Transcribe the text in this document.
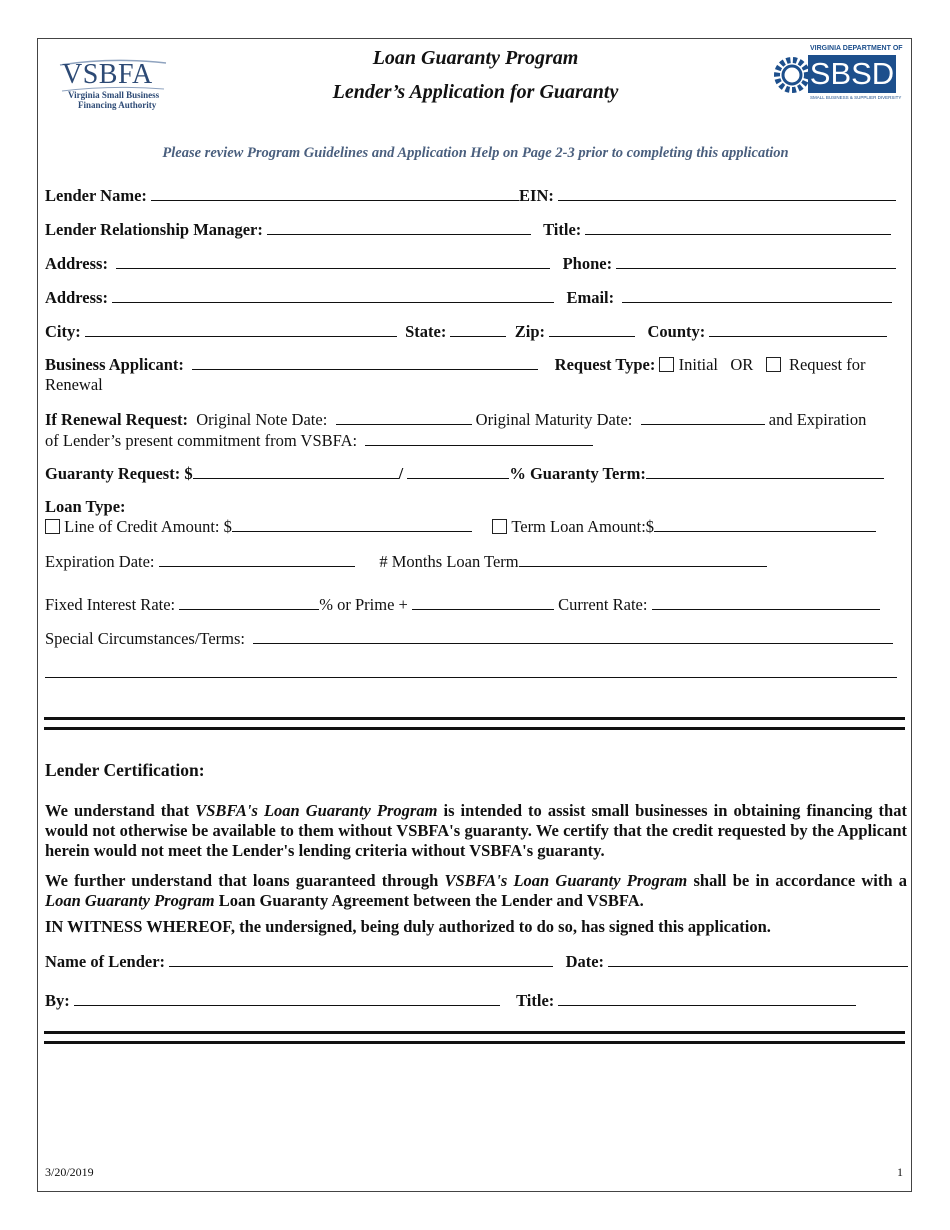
VSBFA
Virginia Small Business
Financing Authority
Loan Guaranty Program
Lender’s Application for Guaranty
VIRGINIA DEPARTMENT OF
SBSD
SMALL BUSINESS & SUPPLIER DIVERSITY
Please review Program Guidelines and Application Help on Page 2-3 prior to completing this application
Lender Name:	EIN:
Lender Relationship Manager:	Title:
Address:	Phone:
Address:	Email:
City:	State:	Zip:	County:
Business Applicant:	Request Type: Initial OR Request for
Renewal
If Renewal Request: Original Note Date:	Original Maturity Date:	and Expiration
of Lender’s present commitment from VSBFA:
Guaranty Request: $	/	% Guaranty Term:
Loan Type:
Line of Credit Amount: $	Term Loan Amount:$
Expiration Date:	# Months Loan Term
Fixed Interest Rate:	% or Prime +	Current Rate:
Special Circumstances/Terms:
Lender Certification:
We understand that VSBFA's Loan Guaranty Program is intended to assist small businesses in obtaining financing that would not otherwise be available to them without VSBFA's guaranty. We certify that the credit requested by the Applicant herein would not meet the Lender's lending criteria without VSBFA's guaranty.
We further understand that loans guaranteed through VSBFA's Loan Guaranty Program shall be in accordance with a Loan Guaranty Program Loan Guaranty Agreement between the Lender and VSBFA.
IN WITNESS WHEREOF, the undersigned, being duly authorized to do so, has signed this application.
Name of Lender:	Date:
By:	Title:
3/20/2019	1
